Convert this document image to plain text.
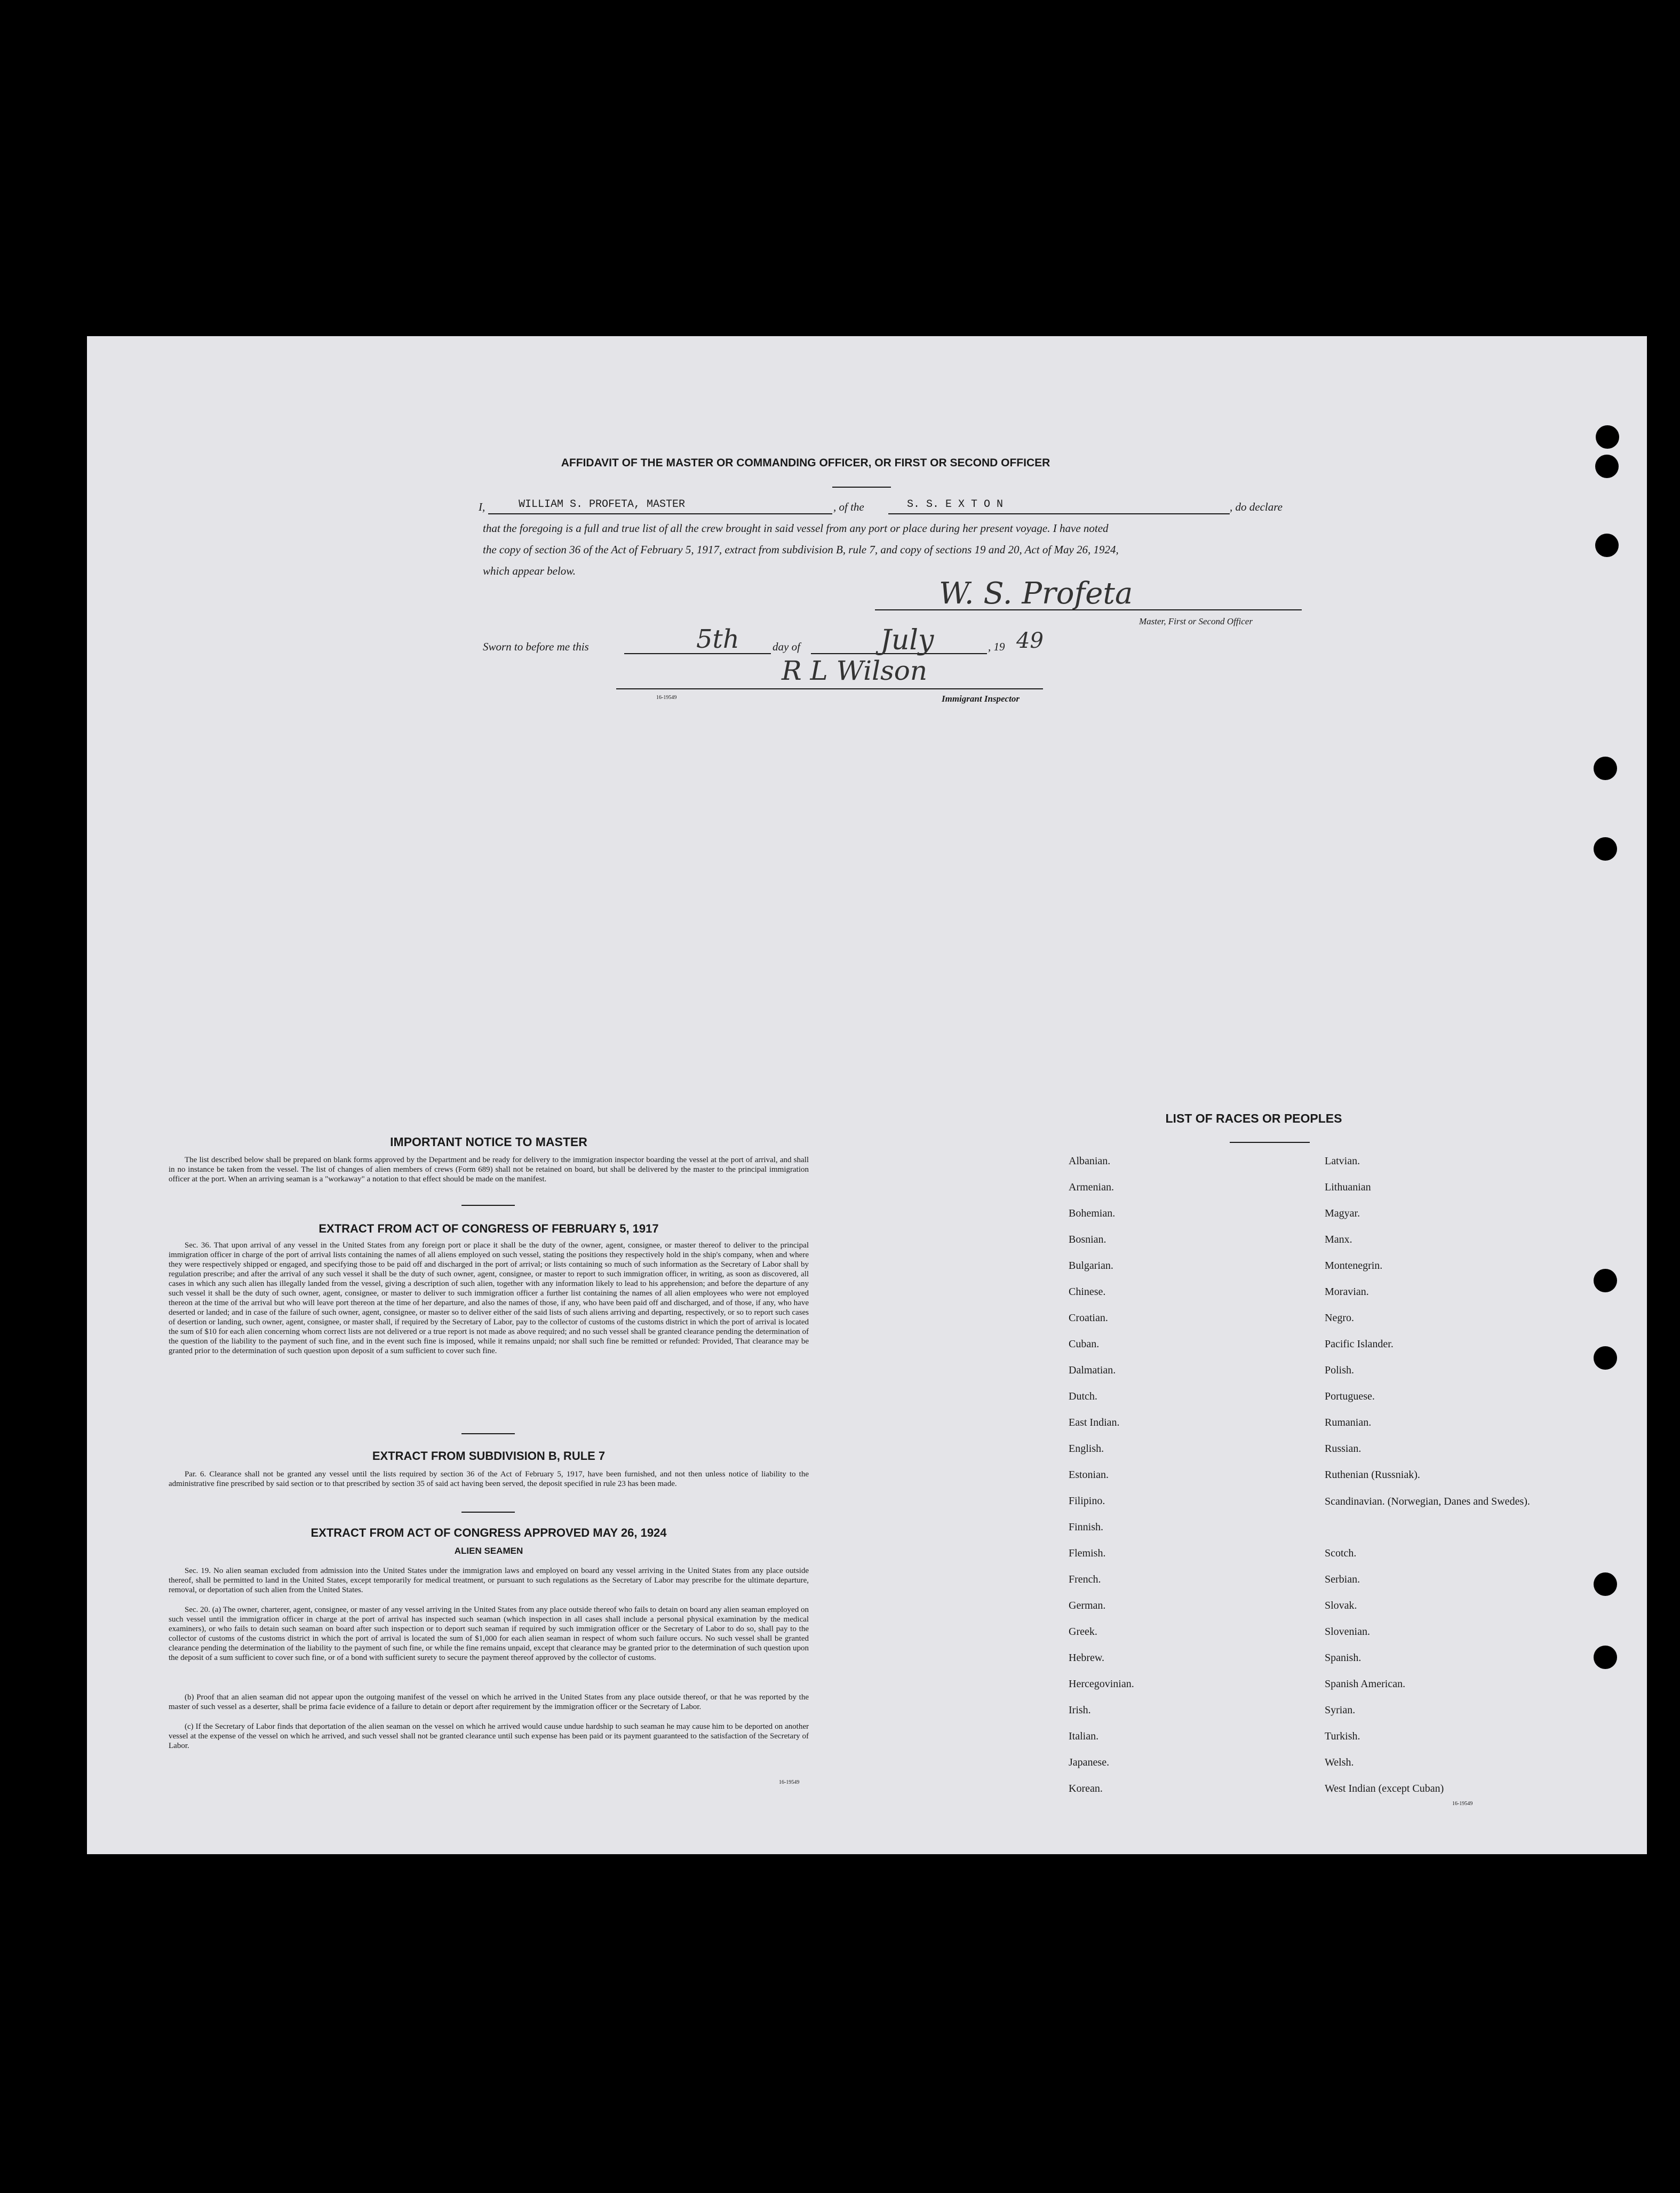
AFFIDAVIT OF THE MASTER OR COMMANDING OFFICER, OR FIRST OR SECOND OFFICER
I,	WILLIAM S. PROFETA, MASTER	, of the	S. S. E X T O N	, do declare
that the foregoing is a full and true list of all the crew brought in said vessel from any port or place during her present voyage. I have noted
the copy of section 36 of the Act of February 5, 1917, extract from subdivision B, rule 7, and copy of sections 19 and 20, Act of May 26, 1924,
which appear below.
W. S. Profeta
Master, First or Second Officer
Sworn to before me this	5th	day of	July	, 19 49
R L Wilson
16-19549	Immigrant Inspector
IMPORTANT NOTICE TO MASTER
The list described below shall be prepared on blank forms approved by the Department and be ready for delivery to the immigration inspector boarding the vessel at the port of arrival, and shall in no instance be taken from the vessel. The list of changes of alien members of crews (Form 689) shall not be retained on board, but shall be delivered by the master to the principal immigration officer at the port. When an arriving seaman is a "workaway" a notation to that effect should be made on the manifest.
EXTRACT FROM ACT OF CONGRESS OF FEBRUARY 5, 1917
Sec. 36. That upon arrival of any vessel in the United States from any foreign port or place it shall be the duty of the owner, agent, consignee, or master thereof to deliver to the principal immigration officer in charge of the port of arrival lists containing the names of all aliens employed on such vessel, stating the positions they respectively hold in the ship's company, when and where they were respectively shipped or engaged, and specifying those to be paid off and discharged in the port of arrival; or lists containing so much of such information as the Secretary of Labor shall by regulation prescribe; and after the arrival of any such vessel it shall be the duty of such owner, agent, consignee, or master to report to such immigration officer, in writing, as soon as discovered, all cases in which any such alien has illegally landed from the vessel, giving a description of such alien, together with any information likely to lead to his apprehension; and before the departure of any such vessel it shall be the duty of such owner, agent, consignee, or master to deliver to such immigration officer a further list containing the names of all alien employees who were not employed thereon at the time of the arrival but who will leave port thereon at the time of her departure, and also the names of those, if any, who have been paid off and discharged, and of those, if any, who have deserted or landed; and in case of the failure of such owner, agent, consignee, or master so to deliver either of the said lists of such aliens arriving and departing, respectively, or so to report such cases of desertion or landing, such owner, agent, consignee, or master shall, if required by the Secretary of Labor, pay to the collector of customs of the customs district in which the port of arrival is located the sum of $10 for each alien concerning whom correct lists are not delivered or a true report is not made as above required; and no such vessel shall be granted clearance pending the determination of the question of the liability to the payment of such fine, and in the event such fine is imposed, while it remains unpaid; nor shall such fine be remitted or refunded: Provided, That clearance may be granted prior to the determination of such question upon deposit of a sum sufficient to cover such fine.
EXTRACT FROM SUBDIVISION B, RULE 7
Par. 6. Clearance shall not be granted any vessel until the lists required by section 36 of the Act of February 5, 1917, have been furnished, and not then unless notice of liability to the administrative fine prescribed by said section or to that prescribed by section 35 of said act having been served, the deposit specified in rule 23 has been made.
EXTRACT FROM ACT OF CONGRESS APPROVED MAY 26, 1924
ALIEN SEAMEN
Sec. 19. No alien seaman excluded from admission into the United States under the immigration laws and employed on board any vessel arriving in the United States from any place outside thereof, shall be permitted to land in the United States, except temporarily for medical treatment, or pursuant to such regulations as the Secretary of Labor may prescribe for the ultimate departure, removal, or deportation of such alien from the United States.
Sec. 20. (a) The owner, charterer, agent, consignee, or master of any vessel arriving in the United States from any place outside thereof who fails to detain on board any alien seaman employed on such vessel until the immigration officer in charge at the port of arrival has inspected such seaman (which inspection in all cases shall include a personal physical examination by the medical examiners), or who fails to detain such seaman on board after such inspection or to deport such seaman if required by such immigration officer or the Secretary of Labor to do so, shall pay to the collector of customs of the customs district in which the port of arrival is located the sum of $1,000 for each alien seaman in respect of whom such failure occurs. No such vessel shall be granted clearance pending the determination of the liability to the payment of such fine, or while the fine remains unpaid, except that clearance may be granted prior to the determination of such question upon the deposit of a sum sufficient to cover such fine, or of a bond with sufficient surety to secure the payment thereof approved by the collector of customs.
(b) Proof that an alien seaman did not appear upon the outgoing manifest of the vessel on which he arrived in the United States from any place outside thereof, or that he was reported by the master of such vessel as a deserter, shall be prima facie evidence of a failure to detain or deport after requirement by the immigration officer or the Secretary of Labor.
(c) If the Secretary of Labor finds that deportation of the alien seaman on the vessel on which he arrived would cause undue hardship to such seaman he may cause him to be deported on another vessel at the expense of the vessel on which he arrived, and such vessel shall not be granted clearance until such expense has been paid or its payment guaranteed to the satisfaction of the Secretary of Labor.
16-19549
LIST OF RACES OR PEOPLES
Albanian.
Armenian.
Bohemian.
Bosnian.
Bulgarian.
Chinese.
Croatian.
Cuban.
Dalmatian.
Dutch.
East Indian.
English.
Estonian.
Filipino.
Finnish.
Flemish.
French.
German.
Greek.
Hebrew.
Hercegovinian.
Irish.
Italian.
Japanese.
Korean.
Latvian.
Lithuanian
Magyar.
Manx.
Montenegrin.
Moravian.
Negro.
Pacific Islander.
Polish.
Portuguese.
Rumanian.
Russian.
Ruthenian (Russniak).
Scandinavian. (Norwegian, Danes and Swedes).
Scotch.
Serbian.
Slovak.
Slovenian.
Spanish.
Spanish American.
Syrian.
Turkish.
Welsh.
West Indian (except Cuban)
16-19549
